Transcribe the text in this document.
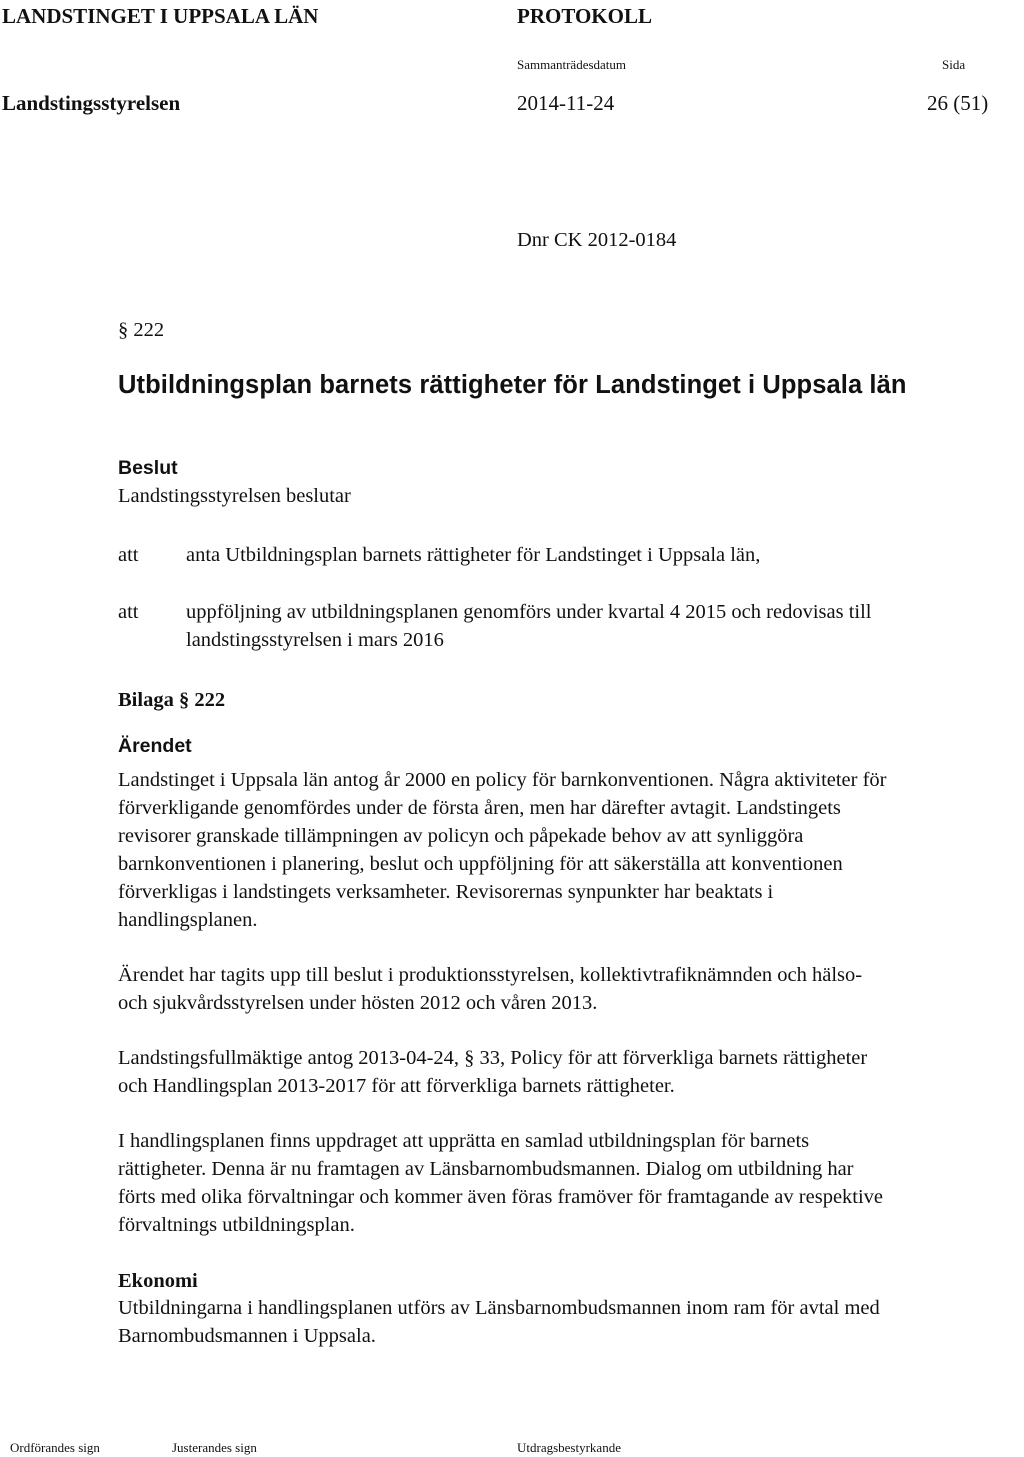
LANDSTINGET I UPPSALA LÄN	PROTOKOLL
Sammanträdesdatum	Sida
Landstingsstyrelsen	2014-11-24	26 (51)
Dnr CK 2012-0184
§ 222
Utbildningsplan barnets rättigheter för Landstinget i Uppsala län
Beslut
Landstingsstyrelsen beslutar
att anta Utbildningsplan barnets rättigheter för Landstinget i Uppsala län,
att uppföljning av utbildningsplanen genomförs under kvartal 4 2015 och redovisas till
landstingsstyrelsen i mars 2016
Bilaga § 222
Ärendet
Landstinget i Uppsala län antog år 2000 en policy för barnkonventionen. Några aktiviteter för
förverkligande genomfördes under de första åren, men har därefter avtagit. Landstingets
revisorer granskade tillämpningen av policyn och påpekade behov av att synliggöra
barnkonventionen i planering, beslut och uppföljning för att säkerställa att konventionen
förverkligas i landstingets verksamheter. Revisorernas synpunkter har beaktats i
handlingsplanen.
Ärendet har tagits upp till beslut i produktionsstyrelsen, kollektivtrafiknämnden och hälso-
och sjukvårdsstyrelsen under hösten 2012 och våren 2013.
Landstingsfullmäktige antog 2013-04-24, § 33, Policy för att förverkliga barnets rättigheter
och Handlingsplan 2013-2017 för att förverkliga barnets rättigheter.
I handlingsplanen finns uppdraget att upprätta en samlad utbildningsplan för barnets
rättigheter. Denna är nu framtagen av Länsbarnombudsmannen. Dialog om utbildning har
förts med olika förvaltningar och kommer även föras framöver för framtagande av respektive
förvaltnings utbildningsplan.
Ekonomi
Utbildningarna i handlingsplanen utförs av Länsbarnombudsmannen inom ram för avtal med
Barnombudsmannen i Uppsala.
Ordförandes sign	Justerandes sign	Utdragsbestyrkande
